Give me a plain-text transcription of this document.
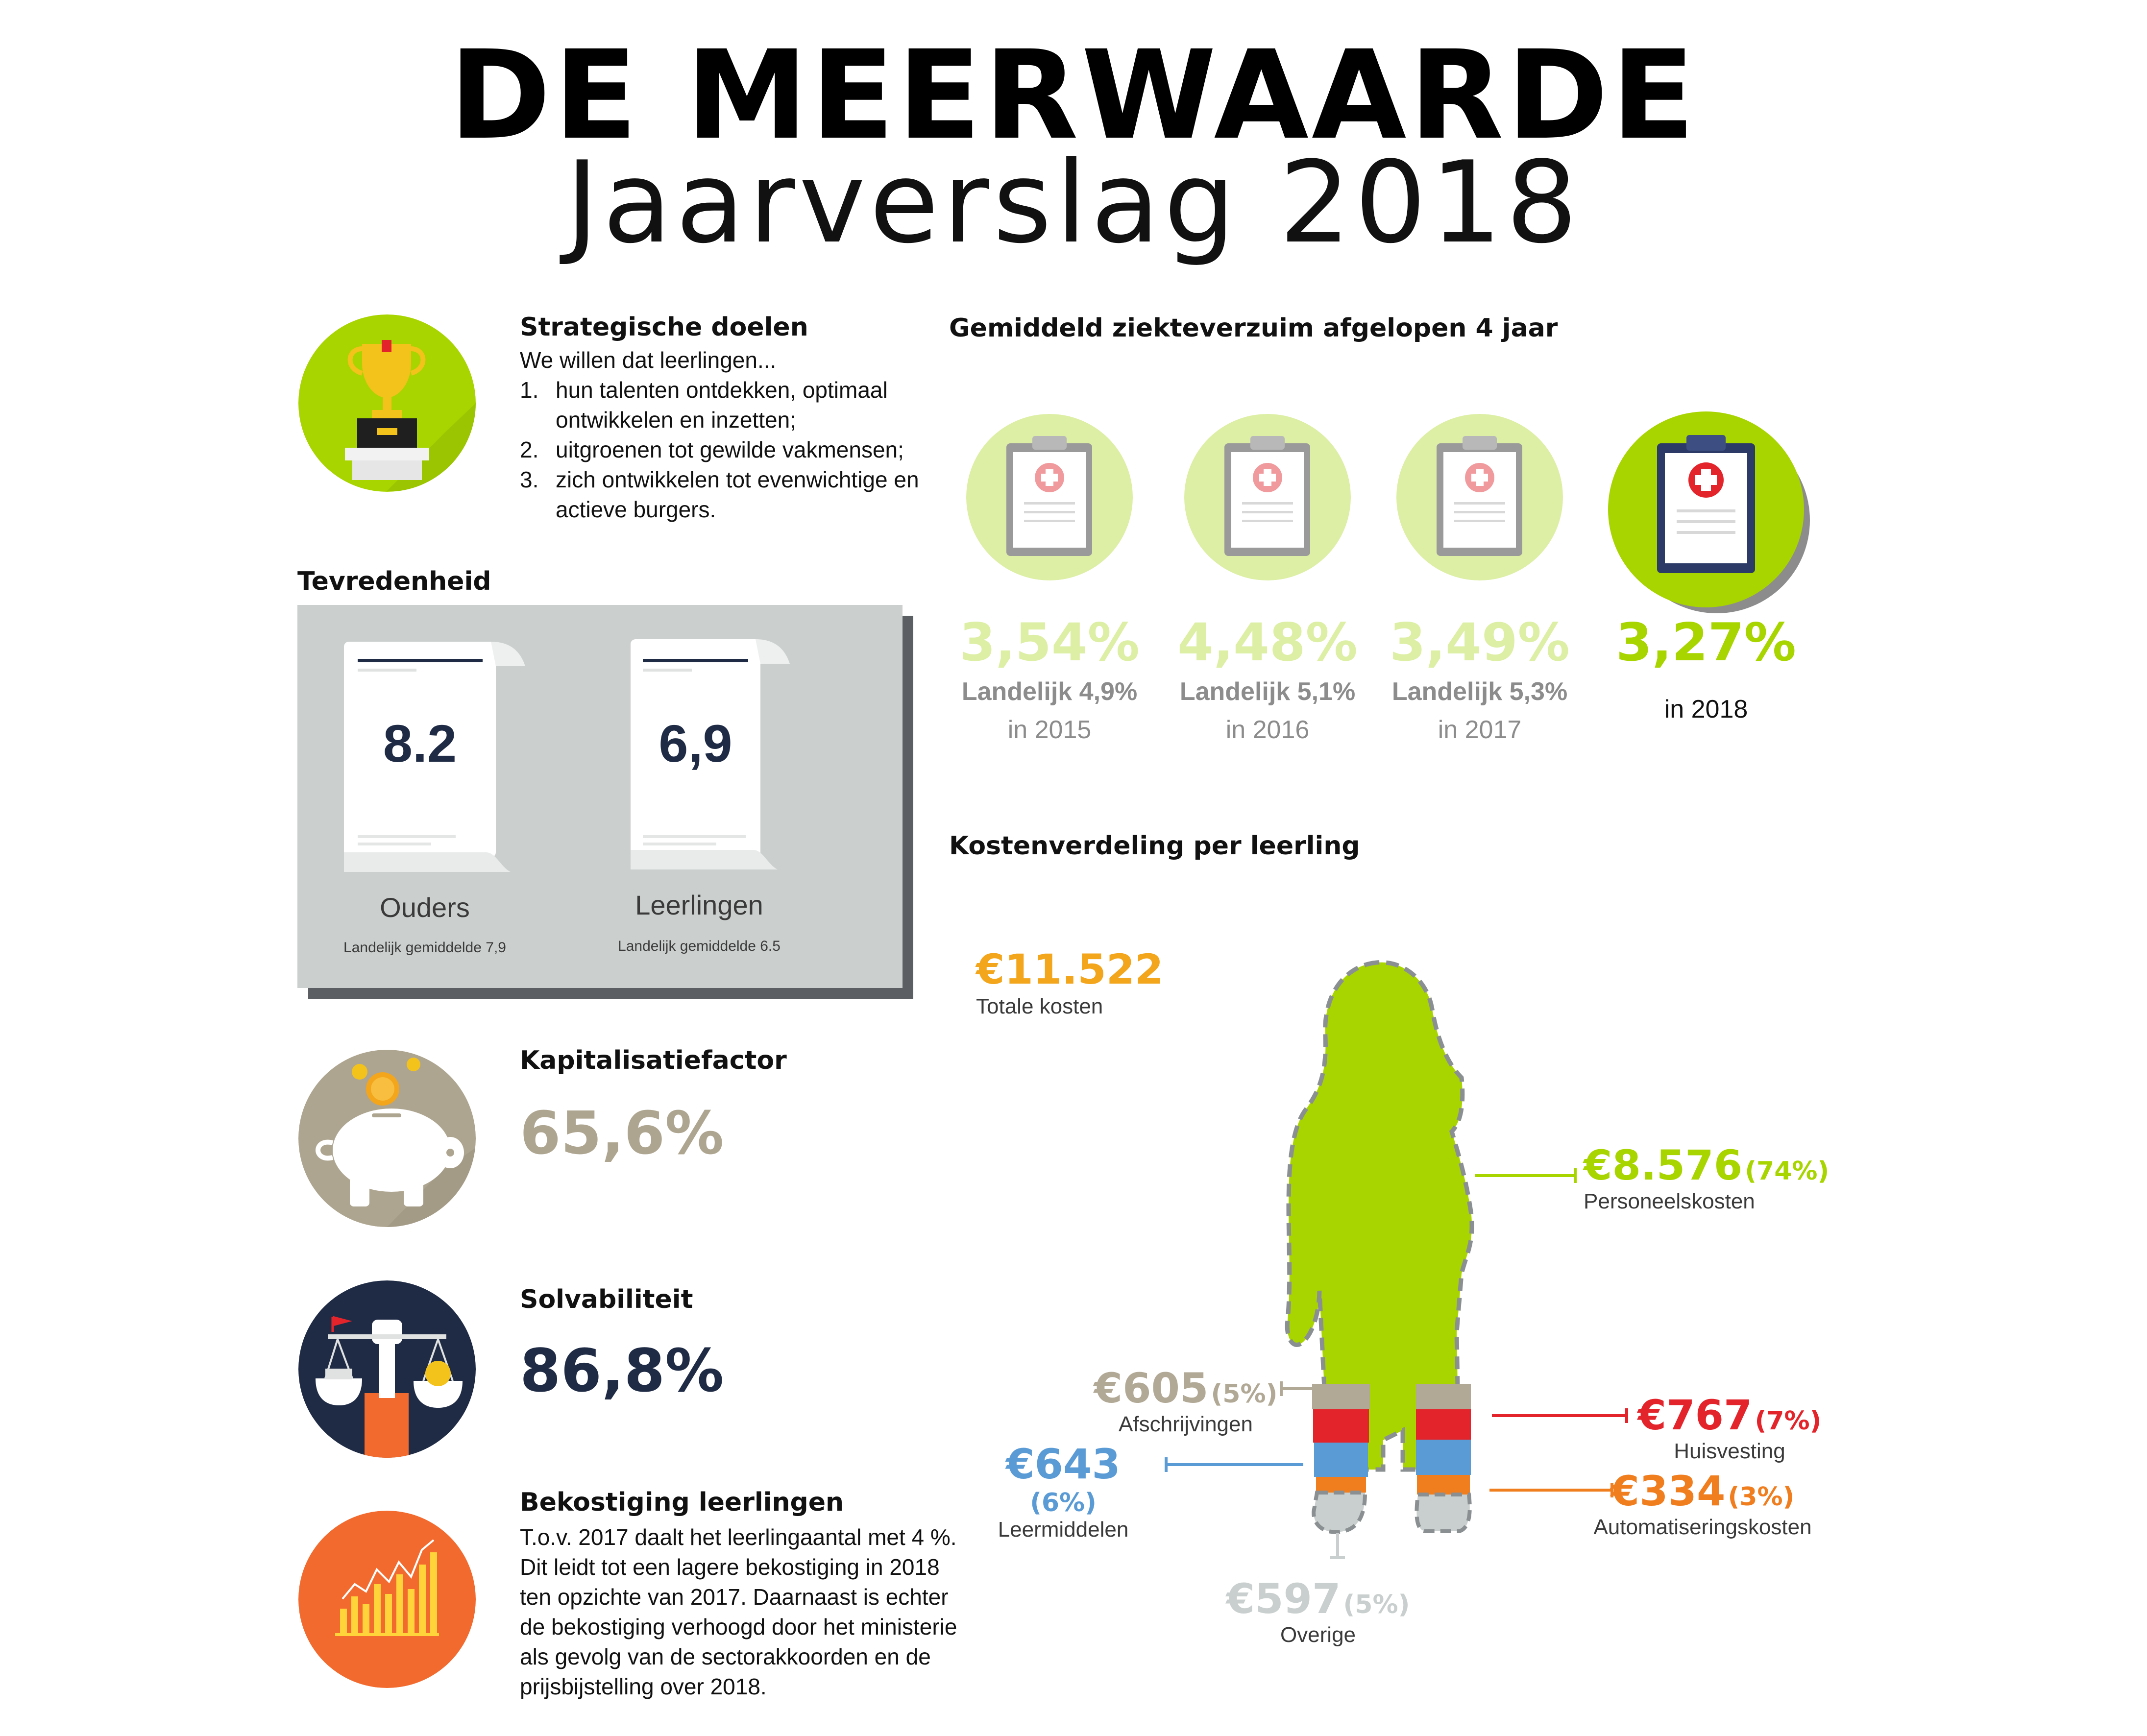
DE MEERWAARDE
Jaarverslag 2018
Strategische doelen
We willen dat leerlingen...
1. hun talenten ontdekken, optimaal
ontwikkelen en inzetten;
2. uitgroenen tot gewilde vakmensen;
3. zich ontwikkelen tot evenwichtige en
actieve burgers.
Tevredenheid
8.2
Ouders
Landelijk gemiddelde 7,9
6,9
Leerlingen
Landelijk gemiddelde 6.5
Kapitalisatiefactor
65,6%
Solvabiliteit
86,8%
Bekostiging leerlingen
T.o.v. 2017 daalt het leerlingaantal met 4 %.
Dit leidt tot een lagere bekostiging in 2018
ten opzichte van 2017. Daarnaast is echter
de bekostiging verhoogd door het ministerie
als gevolg van de sectorakkoorden en de
prijsbijstelling over 2018.
Gemiddeld ziekteverzuim afgelopen 4 jaar
3,54%
Landelijk 4,9%
in 2015
4,48%
Landelijk 5,1%
in 2016
3,49%
Landelijk 5,3%
in 2017
3,27%
in 2018
Kostenverdeling per leerling
€11.522
Totale kosten
€8.576 (74%)
Personeelskosten
€605 (5%)
Afschrijvingen	€767 (7%)
Huisvesting
€643 (6%)
Leermiddelen
€334 (3%)
Automatiseringskosten
€597 (5%)
Overige
